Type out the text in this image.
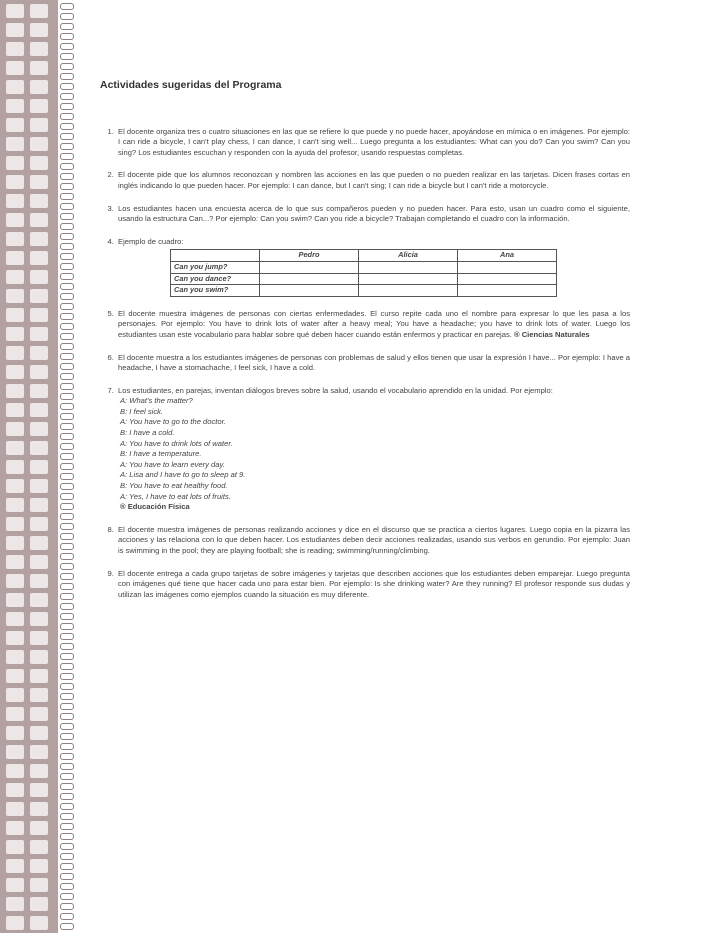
Actividades sugeridas del Programa
1. El docente organiza tres o cuatro situaciones en las que se refiere lo que puede y no puede hacer, apoyándose en mímica o en imágenes. Por ejemplo: I can ride a bicycle, I can't play chess, I can dance, I can't sing well... Luego pregunta a los estudiantes: What can you do? Can you swim? Can you sing? Los estudiantes escuchan y responden con la ayuda del profesor, usando respuestas completas.
2. El docente pide que los alumnos reconozcan y nombren las acciones en las que pueden o no pueden realizar en las tarjetas. Dicen frases cortas en inglés indicando lo que pueden hacer. Por ejemplo: I can dance, but I can't sing; I can ride a bicycle but I can't ride a motorcycle.
3. Los estudiantes hacen una encuesta acerca de lo que sus compañeros pueden y no pueden hacer. Para esto, usan un cuadro como el siguiente, usando la estructura Can...? Por ejemplo: Can you swim? Can you ride a bicycle? Trabajan completando el cuadro con la información.
4. Ejemplo de cuadro:
	Pedro	Alicia	Ana
Can you jump?			
Can you dance?			
Can you swim?			
5. El docente muestra imágenes de personas con ciertas enfermedades. El curso repite cada uno el nombre para expresar lo que les pasa a los personajes. Por ejemplo: You have to drink lots of water after a heavy meal; You have a headache; you have to drink lots of water. Luego los estudiantes usan este vocabulario para hablar sobre qué deben hacer cuando están enfermos y practicar en parejas. ® Ciencias Naturales
6. El docente muestra a los estudiantes imágenes de personas con problemas de salud y ellos tienen que usar la expresión I have... Por ejemplo: I have a headache, I have a stomachache, I feel sick, I have a cold.
7. Los estudiantes, en parejas, inventan diálogos breves sobre la salud, usando el vocabulario aprendido en la unidad. Por ejemplo:
A: What's the matter?
B: I feel sick.
A: You have to go to the doctor.
B: I have a cold.
A: You have to drink lots of water.
B: I have a temperature.
A: You have to learn every day.
A: Lisa and I have to go to sleep at 9.
B: You have to eat healthy food.
A: Yes, I have to eat lots of fruits.
® Educación Física
8. El docente muestra imágenes de personas realizando acciones y dice en el discurso que se practica a ciertos lugares. Luego copia en la pizarra las acciones y las relaciona con lo que deben hacer. Los estudiantes deben decir acciones realizadas, usando sus verbos en gerundio. Por ejemplo: Juan is swimming in the pool; they are playing football; she is reading; swimming/running/climbing.
9. El docente entrega a cada grupo tarjetas de sobre imágenes y tarjetas que describen acciones que los estudiantes deben emparejar. Luego pregunta con imágenes qué tiene que hacer cada uno para estar bien. Por ejemplo: Is she drinking water? Are they running? El profesor responde sus dudas y utilizan las imágenes como ejemplos cuando la situación es muy diferente.
